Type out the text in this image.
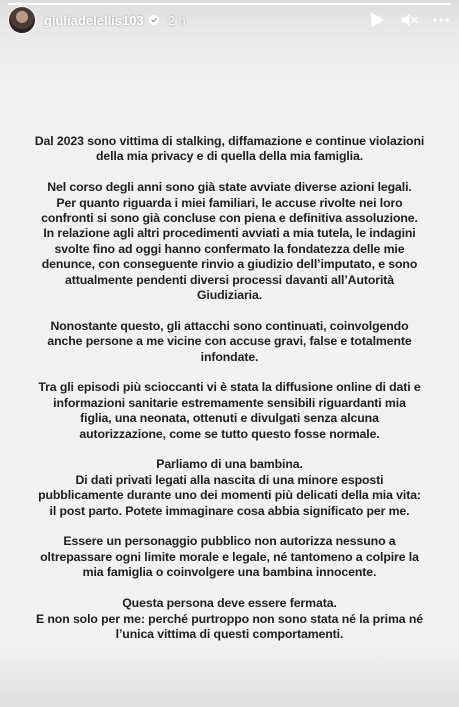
giulia​delellis103 2 h

Dal 2023 sono vittima di stalking, diffamazione e continue violazioni
della mia privacy e di quella della mia famiglia.

Nel corso degli anni sono già state avviate diverse azioni legali.
Per quanto riguarda i miei familiari, le accuse rivolte nei loro
confronti si sono già concluse con piena e definitiva assoluzione.
In relazione agli altri procedimenti avviati a mia tutela, le indagini
svolte fino ad oggi hanno confermato la fondatezza delle mie
denunce, con conseguente rinvio a giudizio dell’imputato, e sono
attualmente pendenti diversi processi davanti all’Autorità
Giudiziaria.

Nonostante questo, gli attacchi sono continuati, coinvolgendo
anche persone a me vicine con accuse gravi, false e totalmente
infondate.

Tra gli episodi più scioccanti vi è stata la diffusione online di dati e
informazioni sanitarie estremamente sensibili riguardanti mia
figlia, una neonata, ottenuti e divulgati senza alcuna
autorizzazione, come se tutto questo fosse normale.

Parliamo di una bambina.
Di dati privati legati alla nascita di una minore esposti
pubblicamente durante uno dei momenti più delicati della mia vita:
il post parto. Potete immaginare cosa abbia significato per me.

Essere un personaggio pubblico non autorizza nessuno a
oltrepassare ogni limite morale e legale, né tantomeno a colpire la
mia famiglia o coinvolgere una bambina innocente.

Questa persona deve essere fermata.
E non solo per me: perché purtroppo non sono stata né la prima né
l’unica vittima di questi comportamenti.
